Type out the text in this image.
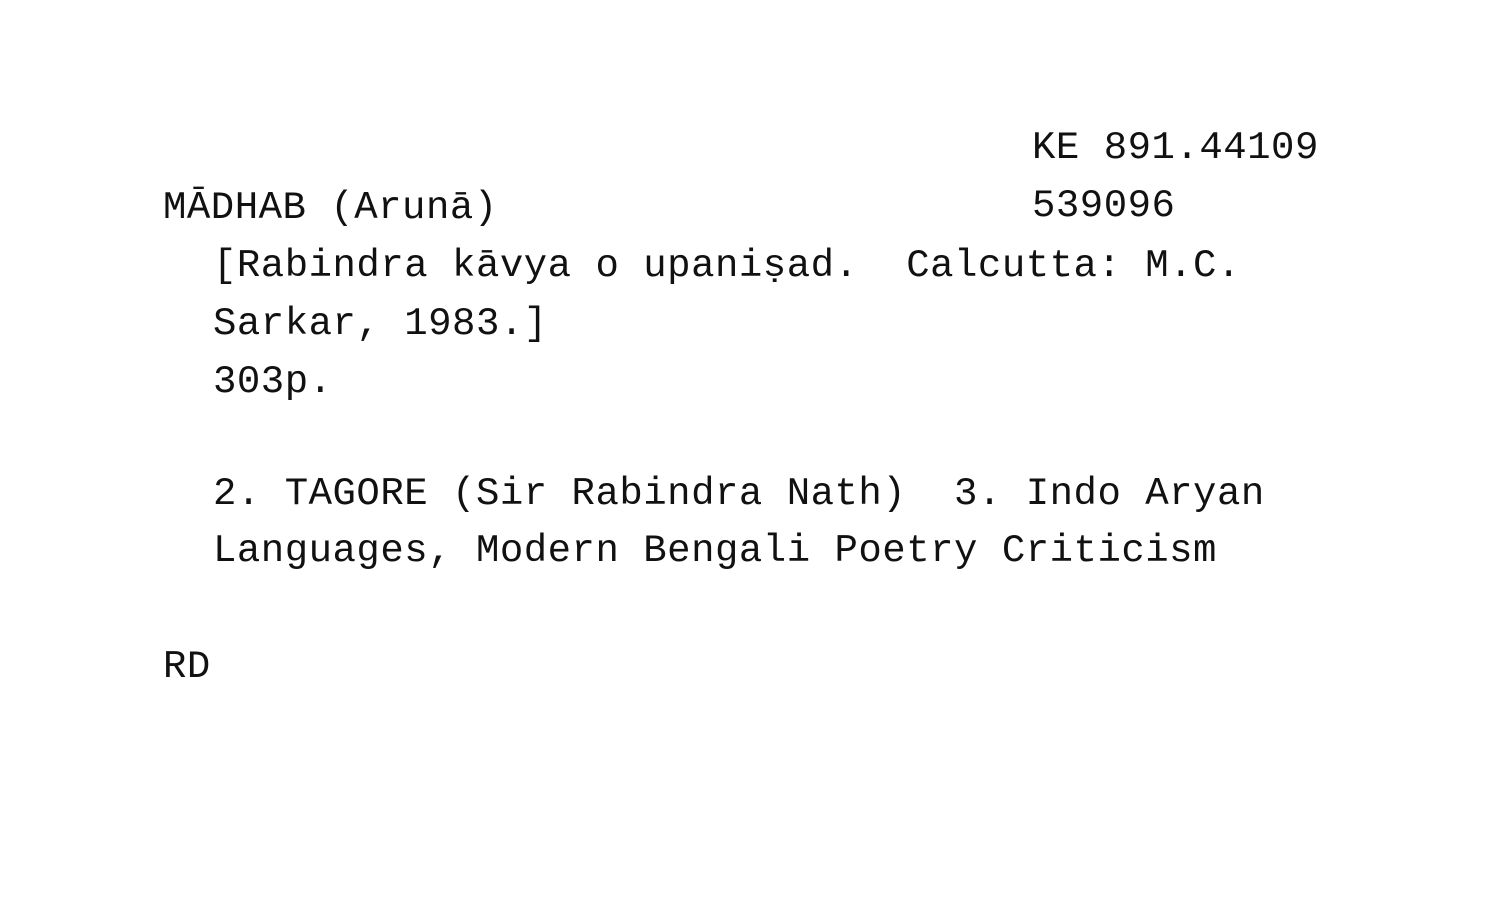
KE 891.44109
539096
MĀDHAB (Arunā)
[Rabindra kāvya o upaniṣad.  Calcutta: M.C.
Sarkar, 1983.]
303p.
2. TAGORE (Sir Rabindra Nath)  3. Indo Aryan
Languages, Modern Bengali Poetry Criticism
RD
